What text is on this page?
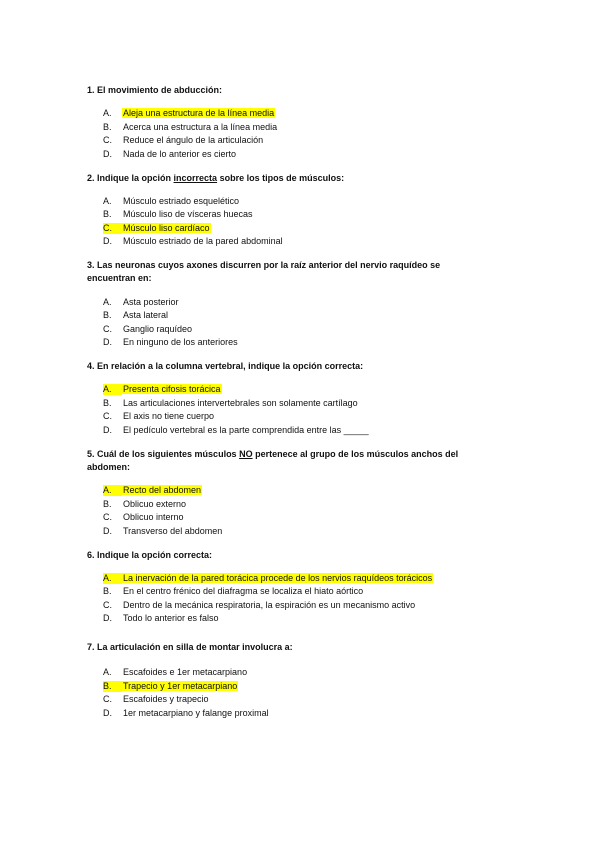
1. El movimiento de abducción:
A. Aleja una estructura de la línea media
B. Acerca una estructura a la línea media
C. Reduce el ángulo de la articulación
D. Nada de lo anterior es cierto
2. Indique la opción incorrecta sobre los tipos de músculos:
A. Músculo estriado esquelético
B. Músculo liso de vísceras huecas
C. Músculo liso cardíaco
D. Músculo estriado de la pared abdominal
3. Las neuronas cuyos axones discurren por la raíz anterior del nervio raquídeo se encuentran en:
A. Asta posterior
B. Asta lateral
C. Ganglio raquídeo
D. En ninguno de los anteriores
4. En relación a la columna vertebral, indique la opción correcta:
A. Presenta cifosis torácica
B. Las articulaciones intervertebrales son solamente cartílago
C. El axis no tiene cuerpo
D. El pedículo vertebral es la parte comprendida entre las _____
5. Cuál de los siguientes músculos NO pertenece al grupo de los músculos anchos del abdomen:
A. Recto del abdomen
B. Oblicuo externo
C. Oblicuo interno
D. Transverso del abdomen
6. Indique la opción correcta:
A. La inervación de la pared torácica procede de los nervios raquídeos torácicos
B. En el centro frénico del diafragma se localiza el hiato aórtico
C. Dentro de la mecánica respiratoria, la espiración es un mecanismo activo
D. Todo lo anterior es falso
7. La articulación en silla de montar involucra a:
A. Escafoides e 1er metacarpiano
B. Trapecio y 1er metacarpiano
C. Escafoides y trapecio
D. 1er metacarpiano y falange proximal
